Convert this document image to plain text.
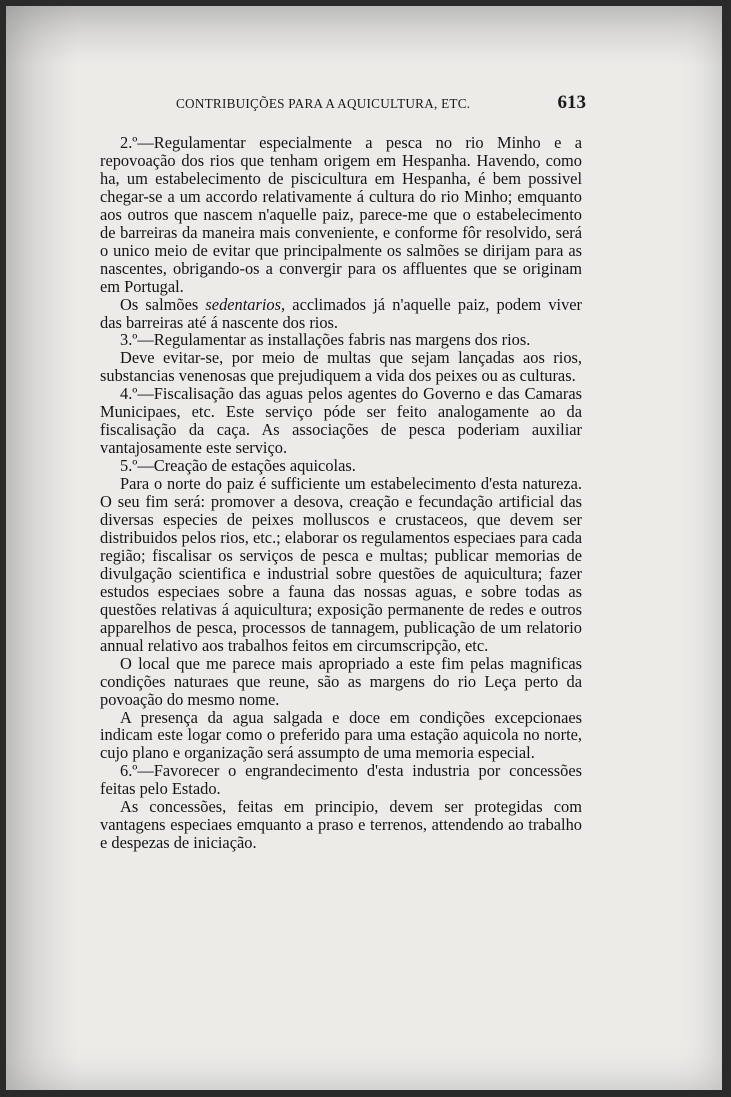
CONTRIBUIÇÕES PARA A AQUICULTURA, ETC.	613

2.º—Regulamentar especialmente a pesca no rio Minho e a repovoação dos rios que tenham origem em Hespanha. Havendo, como ha, um estabelecimento de piscicultura em Hespanha, é bem possivel chegar-se a um accordo relativamente á cultura do rio Minho; emquanto aos outros que nascem n'aquelle paiz, parece-me que o estabelecimento de barreiras da maneira mais conveniente, e conforme fôr resolvido, será o unico meio de evitar que principalmente os salmões se dirijam para as nascentes, obrigando-os a convergir para os affluentes que se originam em Portugal.

Os salmões sedentarios, acclimados já n'aquelle paiz, podem viver das barreiras até á nascente dos rios.

3.º—Regulamentar as installações fabris nas margens dos rios.

Deve evitar-se, por meio de multas que sejam lançadas aos rios, substancias venenosas que prejudiquem a vida dos peixes ou as culturas.

4.º—Fiscalisação das aguas pelos agentes do Governo e das Camaras Municipaes, etc. Este serviço póde ser feito analogamente ao da fiscalisação da caça. As associações de pesca poderiam auxiliar vantajosamente este serviço.

5.º—Creação de estações aquicolas.

Para o norte do paiz é sufficiente um estabelecimento d'esta natureza. O seu fim será: promover a desova, creação e fecundação artificial das diversas especies de peixes molluscos e crustaceos, que devem ser distribuidos pelos rios, etc.; elaborar os regulamentos especiaes para cada região; fiscalisar os serviços de pesca e multas; publicar memorias de divulgação scientifica e industrial sobre questões de aquicultura; fazer estudos especiaes sobre a fauna das nossas aguas, e sobre todas as questões relativas á aquicultura; exposição permanente de redes e outros apparelhos de pesca, processos de tannagem, publicação de um relatorio annual relativo aos trabalhos feitos em circumscripção, etc.

O local que me parece mais apropriado a este fim pelas magnificas condições naturaes que reune, são as margens do rio Leça perto da povoação do mesmo nome.

A presença da agua salgada e doce em condições excepcionaes indicam este logar como o preferido para uma estação aquicola no norte, cujo plano e organização será assumpto de uma memoria especial.

6.º—Favorecer o engrandecimento d'esta industria por concessões feitas pelo Estado.

As concessões, feitas em principio, devem ser protegidas com vantagens especiaes emquanto a praso e terrenos, attendendo ao trabalho e despezas de iniciação.
